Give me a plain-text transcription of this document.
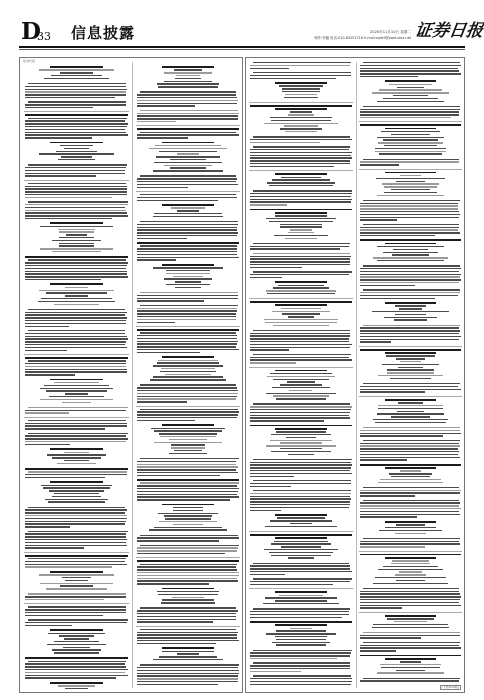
D
33 信息披露	2020年11月10日 星期二
制作:李璐 电话:010-83251716 E-mail:zqrb9@zqrb.sina.net 证券日报
证券代码
(下转D34版)
